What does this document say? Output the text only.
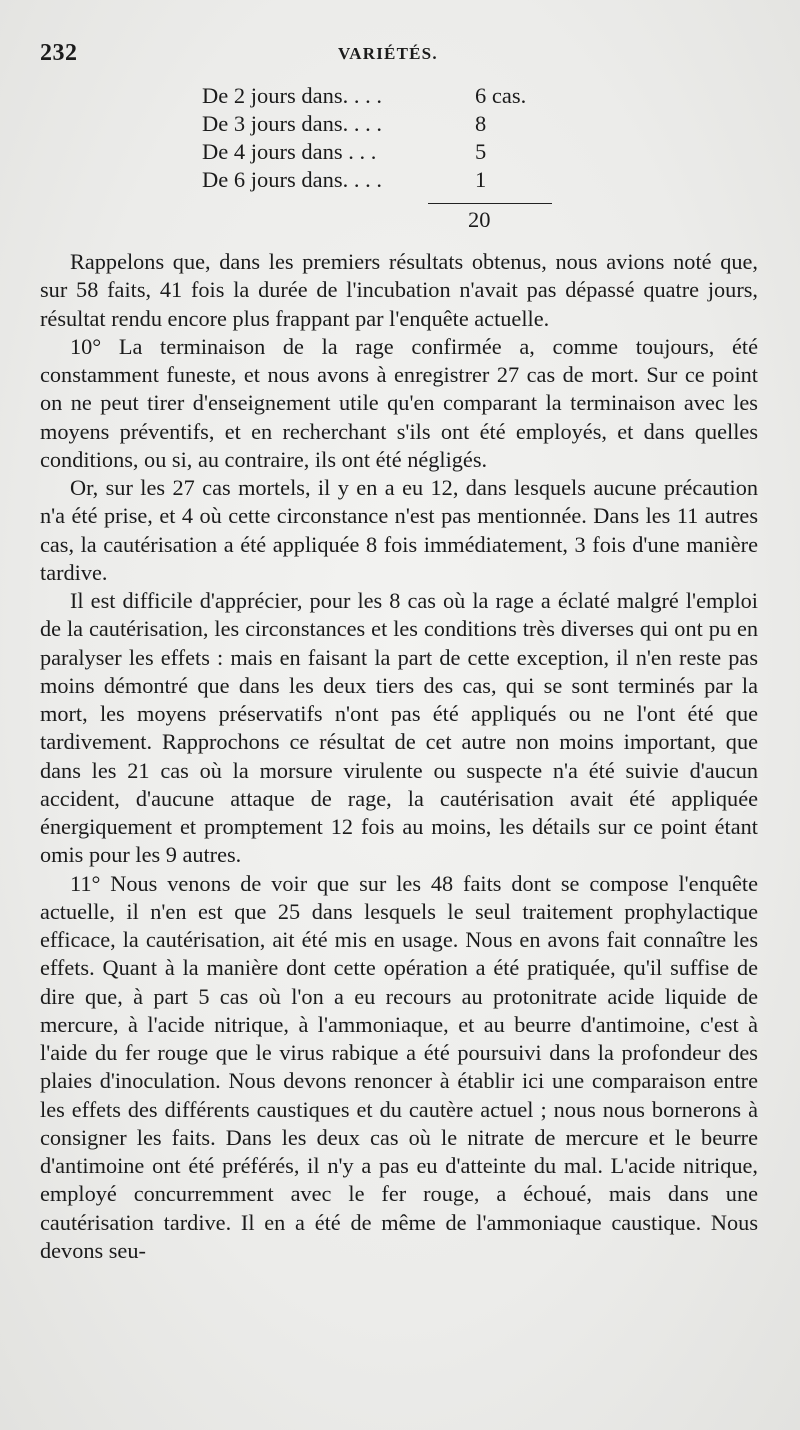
232	VARIÉTÉS.
De 2 jours dans. . . .	6 cas.
De 3 jours dans. . . .	8
De 4 jours dans . . .	5
De 6 jours dans. . . .	1
20

Rappelons que, dans les premiers résultats obtenus, nous avions noté que, sur 58 faits, 41 fois la durée de l'incubation n'avait pas dépassé quatre jours, résultat rendu encore plus frappant par l'enquête actuelle.

10° La terminaison de la rage confirmée a, comme toujours, été constamment funeste, et nous avons à enregistrer 27 cas de mort. Sur ce point on ne peut tirer d'enseignement utile qu'en comparant la terminaison avec les moyens préventifs, et en recherchant s'ils ont été employés, et dans quelles conditions, ou si, au contraire, ils ont été négligés.

Or, sur les 27 cas mortels, il y en a eu 12, dans lesquels aucune précaution n'a été prise, et 4 où cette circonstance n'est pas mentionnée. Dans les 11 autres cas, la cautérisation a été appliquée 8 fois immédiatement, 3 fois d'une manière tardive.

Il est difficile d'apprécier, pour les 8 cas où la rage a éclaté malgré l'emploi de la cautérisation, les circonstances et les conditions très diverses qui ont pu en paralyser les effets : mais en faisant la part de cette exception, il n'en reste pas moins démontré que dans les deux tiers des cas, qui se sont terminés par la mort, les moyens préservatifs n'ont pas été appliqués ou ne l'ont été que tardivement. Rapprochons ce résultat de cet autre non moins important, que dans les 21 cas où la morsure virulente ou suspecte n'a été suivie d'aucun accident, d'aucune attaque de rage, la cautérisation avait été appliquée énergiquement et promptement 12 fois au moins, les détails sur ce point étant omis pour les 9 autres.

11° Nous venons de voir que sur les 48 faits dont se compose l'enquête actuelle, il n'en est que 25 dans lesquels le seul traitement prophylactique efficace, la cautérisation, ait été mis en usage. Nous en avons fait connaître les effets. Quant à la manière dont cette opération a été pratiquée, qu'il suffise de dire que, à part 5 cas où l'on a eu recours au protonitrate acide liquide de mercure, à l'acide nitrique, à l'ammoniaque, et au beurre d'antimoine, c'est à l'aide du fer rouge que le virus rabique a été poursuivi dans la profondeur des plaies d'inoculation. Nous devons renoncer à établir ici une comparaison entre les effets des différents caustiques et du cautère actuel ; nous nous bornerons à consigner les faits. Dans les deux cas où le nitrate de mercure et le beurre d'antimoine ont été préférés, il n'y a pas eu d'atteinte du mal. L'acide nitrique, employé concurremment avec le fer rouge, a échoué, mais dans une cautérisation tardive. Il en a été de même de l'ammoniaque caustique. Nous devons seu-
